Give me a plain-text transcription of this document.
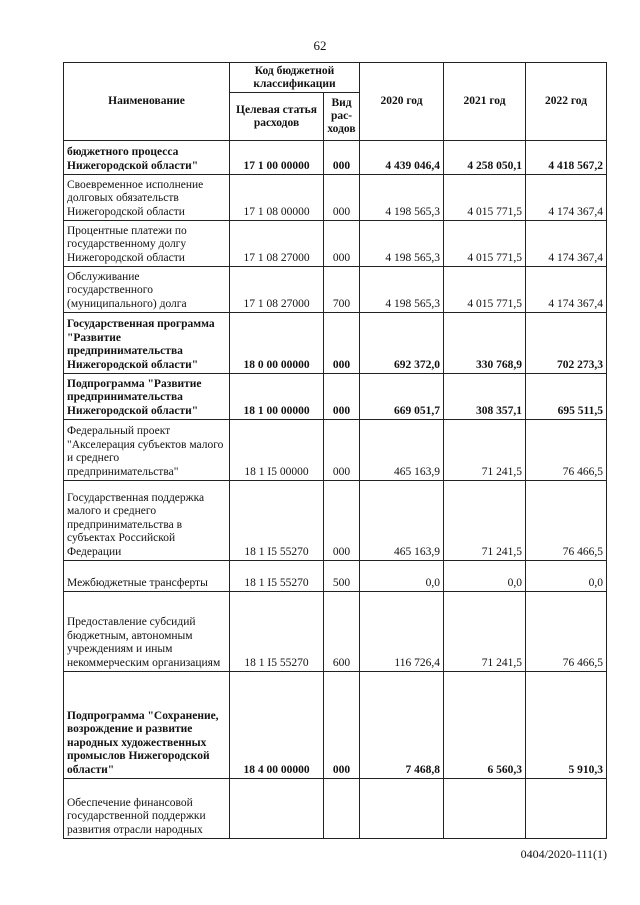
62
Наименование	Код бюджетной классификации		2020 год	2021 год	2022 год
	Целевая статья расходов	Вид рас-ходов			
бюджетного процесса Нижегородской области"	17 1 00 00000	000	4 439 046,4	4 258 050,1	4 418 567,2
Своевременное исполнение долговых обязательств Нижегородской области	17 1 08 00000	000	4 198 565,3	4 015 771,5	4 174 367,4
Процентные платежи по государственному долгу Нижегородской области	17 1 08 27000	000	4 198 565,3	4 015 771,5	4 174 367,4
Обслуживание государственного (муниципального) долга	17 1 08 27000	700	4 198 565,3	4 015 771,5	4 174 367,4
Государственная программа "Развитие предпринимательства Нижегородской области"	18 0 00 00000	000	692 372,0	330 768,9	702 273,3
Подпрограмма "Развитие предпринимательства Нижегородской области"	18 1 00 00000	000	669 051,7	308 357,1	695 511,5
Федеральный проект "Акселерация субъектов малого и среднего предпринимательства"	18 1 I5 00000	000	465 163,9	71 241,5	76 466,5
Государственная поддержка малого и среднего предпринимательства в субъектах Российской Федерации	18 1 I5 55270	000	465 163,9	71 241,5	76 466,5
Межбюджетные трансферты	18 1 I5 55270	500	0,0	0,0	0,0
Предоставление субсидий бюджетным, автономным учреждениям и иным некоммерческим организациям	18 1 I5 55270	600	116 726,4	71 241,5	76 466,5
Подпрограмма "Сохранение, возрождение и развитие народных художественных промыслов Нижегородской области"	18 4 00 00000	000	7 468,8	6 560,3	5 910,3
Обеспечение финансовой государственной поддержки развития отрасли народных					
0404/2020-111(1)
